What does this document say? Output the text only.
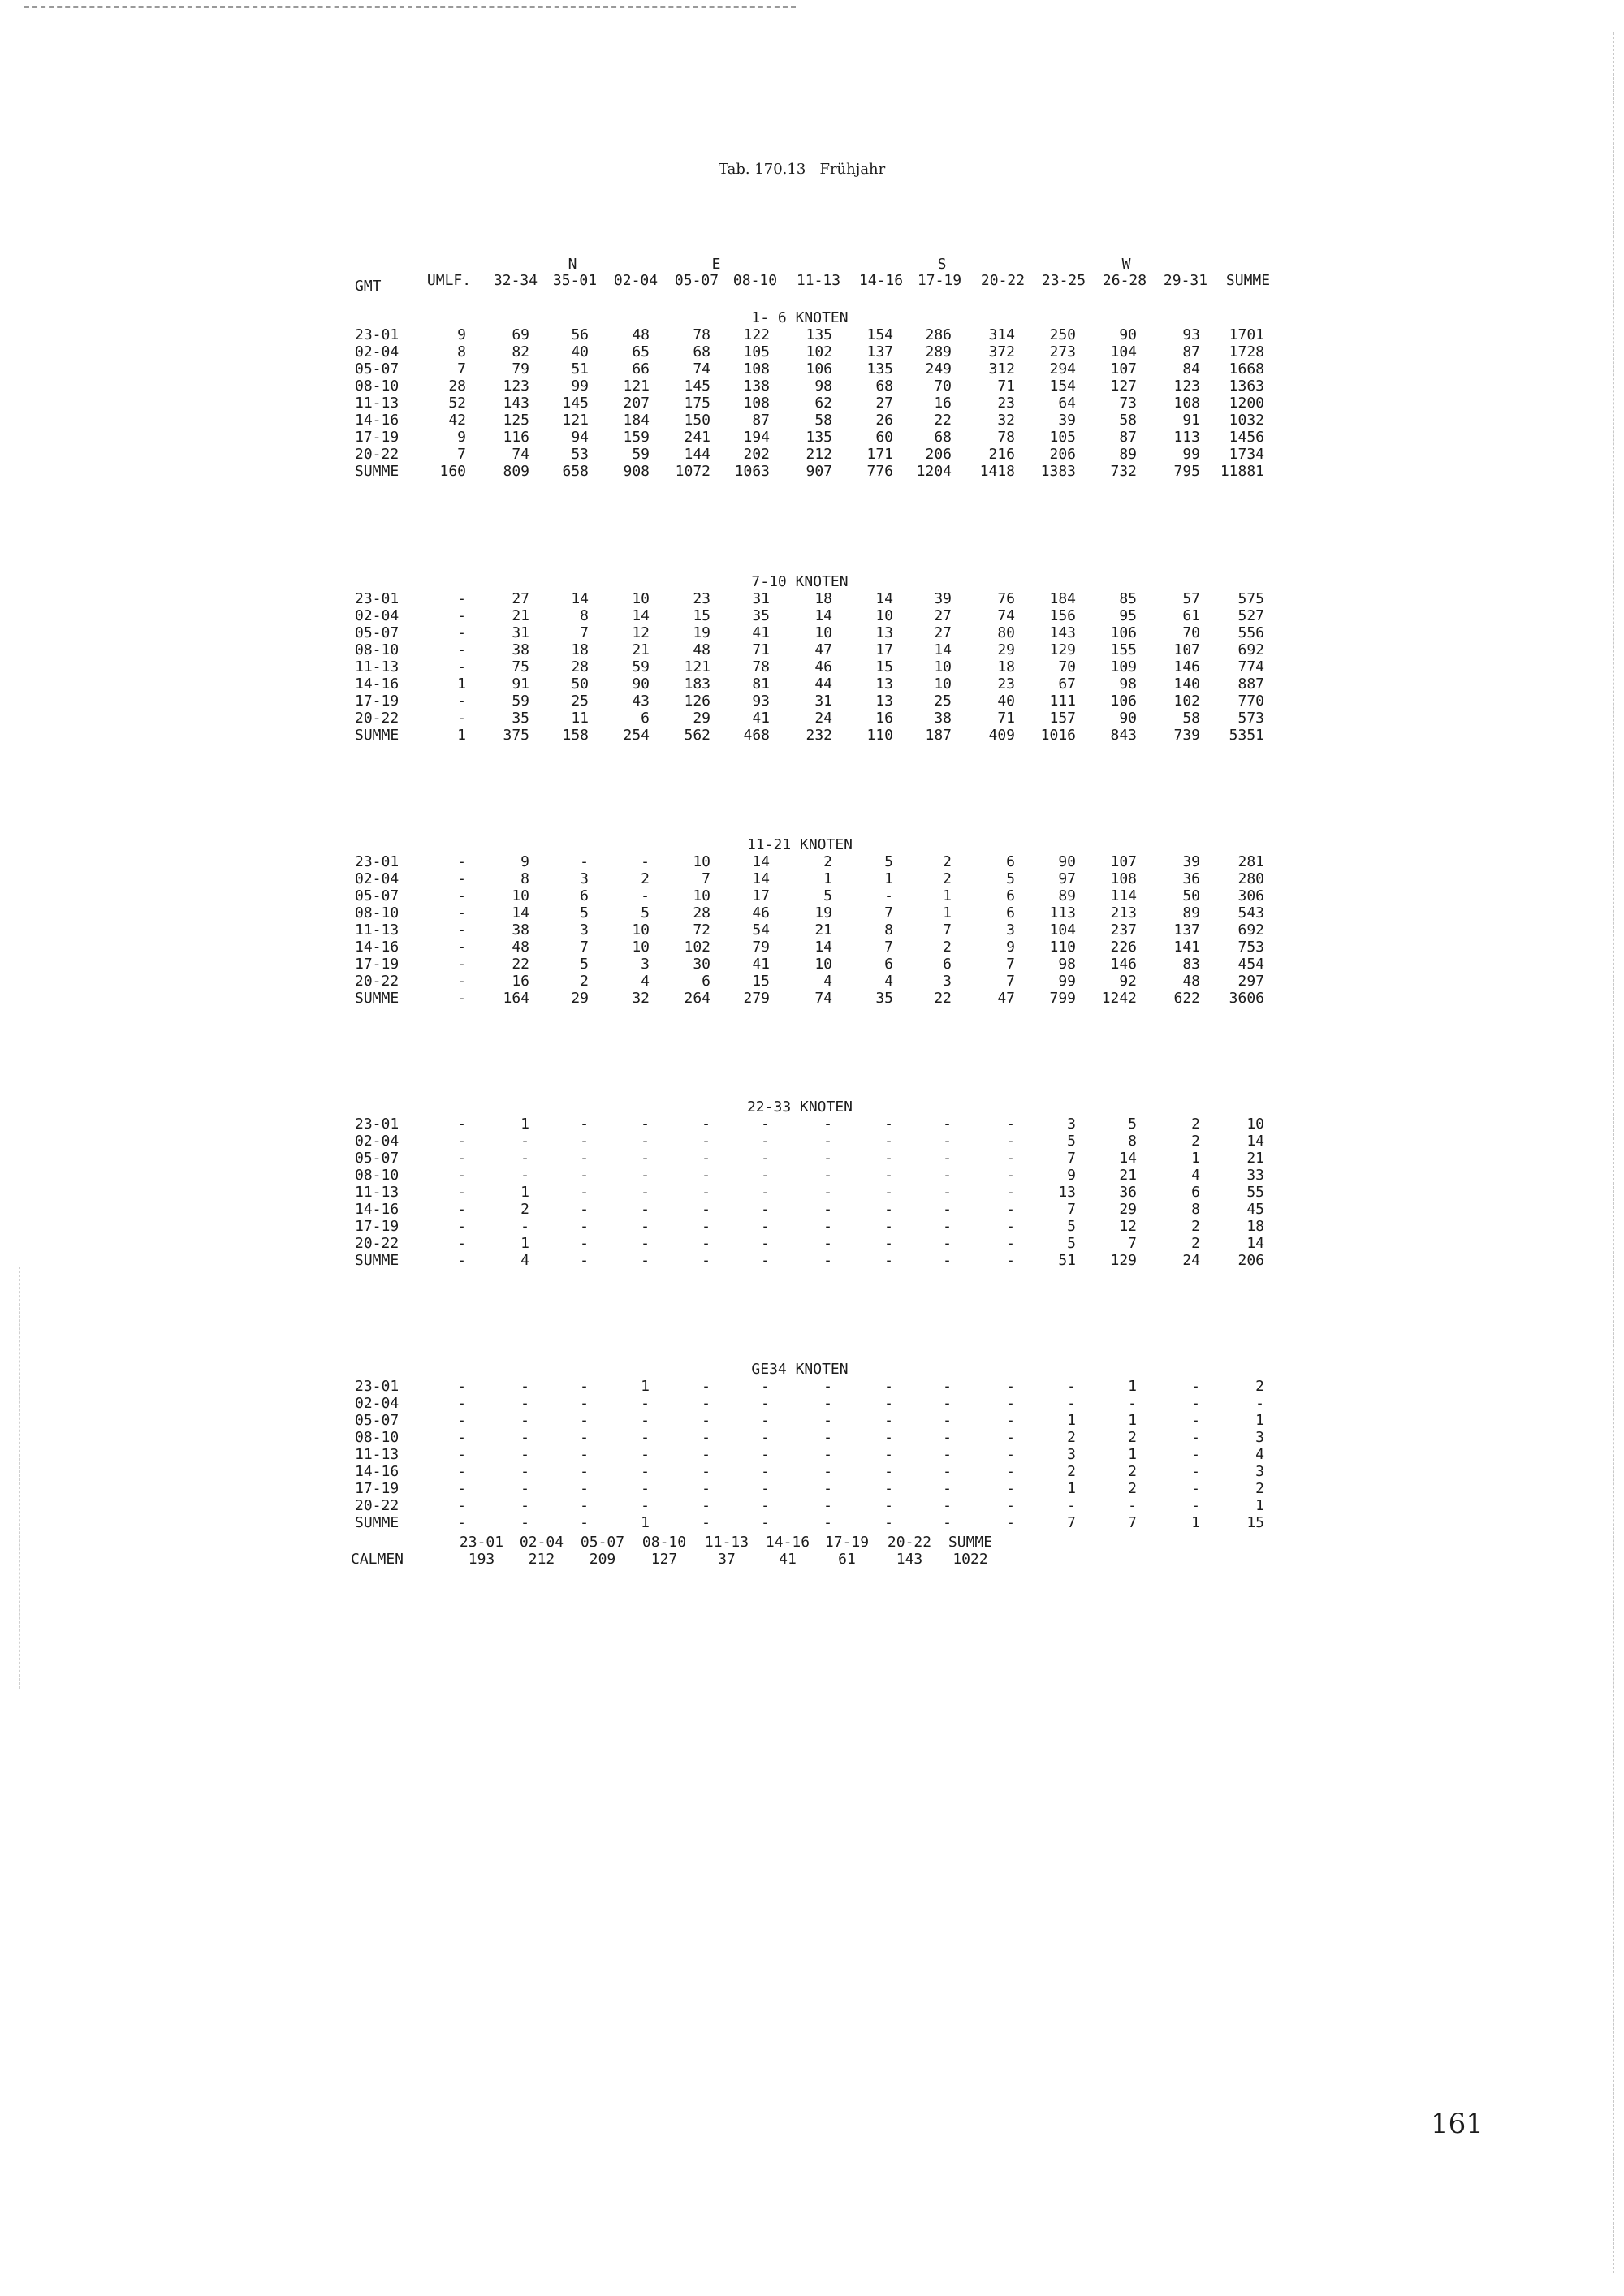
Tab. 170.13   Frühjahr
N	E	S	W
GMT	UMLF.	32-34	35-01	02-04	05-07 08-10	11-13	14-16 17-19	20-22	23-25	26-28	29-31	SUMME
1- 6 KNOTEN
23-01	9	69	56	48	78	122	135	154	286	314	250	90	93	1701
02-04	8	82	40	65	68	105	102	137	289	372	273	104	87	1728
05-07	7	79	51	66	74	108	106	135	249	312	294	107	84	1668
08-10	28	123	99	121	145	138	98	68	70	71	154	127	123	1363
11-13	52	143	145	207	175	108	62	27	16	23	64	73	108	1200
14-16	42	125	121	184	150	87	58	26	22	32	39	58	91	1032
17-19	9	116	94	159	241	194	135	60	68	78	105	87	113	1456
20-22	7	74	53	59	144	202	212	171	206	216	206	89	99	1734
SUMME	160	809	658	908	1072	1063	907	776	1204	1418	1383	732	795	11881
7-10 KNOTEN
23-01	-	27	14	10	23	31	18	14	39	76	184	85	57	575
02-04	-	21	8	14	15	35	14	10	27	74	156	95	61	527
05-07	-	31	7	12	19	41	10	13	27	80	143	106	70	556
08-10	-	38	18	21	48	71	47	17	14	29	129	155	107	692
11-13	-	75	28	59	121	78	46	15	10	18	70	109	146	774
14-16	1	91	50	90	183	81	44	13	10	23	67	98	140	887
17-19	-	59	25	43	126	93	31	13	25	40	111	106	102	770
20-22	-	35	11	6	29	41	24	16	38	71	157	90	58	573
SUMME	1	375	158	254	562	468	232	110	187	409	1016	843	739	5351
11-21 KNOTEN
23-01	-	9	-	-	10	14	2	5	2	6	90	107	39	281
02-04	-	8	3	2	7	14	1	1	2	5	97	108	36	280
05-07	-	10	6	-	10	17	5	-	1	6	89	114	50	306
08-10	-	14	5	5	28	46	19	7	1	6	113	213	89	543
11-13	-	38	3	10	72	54	21	8	7	3	104	237	137	692
14-16	-	48	7	10	102	79	14	7	2	9	110	226	141	753
17-19	-	22	5	3	30	41	10	6	6	7	98	146	83	454
20-22	-	16	2	4	6	15	4	4	3	7	99	92	48	297
SUMME	-	164	29	32	264	279	74	35	22	47	799	1242	622	3606
22-33 KNOTEN
23-01	-	1	-	-	-	-	-	-	-	-	3	5	2	10
02-04	-	-	-	-	-	-	-	-	-	-	5	8	2	14
05-07	-	-	-	-	-	-	-	-	-	-	7	14	1	21
08-10	-	-	-	-	-	-	-	-	-	-	9	21	4	33
11-13	-	1	-	-	-	-	-	-	-	-	13	36	6	55
14-16	-	2	-	-	-	-	-	-	-	-	7	29	8	45
17-19	-	-	-	-	-	-	-	-	-	-	5	12	2	18
20-22	-	1	-	-	-	-	-	-	-	-	5	7	2	14
SUMME	-	4	-	-	-	-	-	-	-	-	51	129	24	206
GE34 KNOTEN
23-01	-	-	-	1	-	-	-	-	-	-	-	1	-	2
02-04	-	-	-	-	-	-	-	-	-	-	-	-	-	-
05-07	-	-	-	-	-	-	-	-	-	-	1	1	-	1
08-10	-	-	-	-	-	-	-	-	-	-	2	2	-	3
11-13	-	-	-	-	-	-	-	-	-	-	3	1	-	4
14-16	-	-	-	-	-	-	-	-	-	-	2	2	-	3
17-19	-	-	-	-	-	-	-	-	-	-	1	2	-	2
20-22	-	-	-	-	-	-	-	-	-	-	-	-	-	1
SUMME	-	-	-	1	-	-	-	-	-	-	7	7	1	15
CALMEN
23-01	02-04	05-07	08-10	11-13	14-16	17-19	20-22	SUMME
193	212	209	127	37	41	61	143	1022
161
